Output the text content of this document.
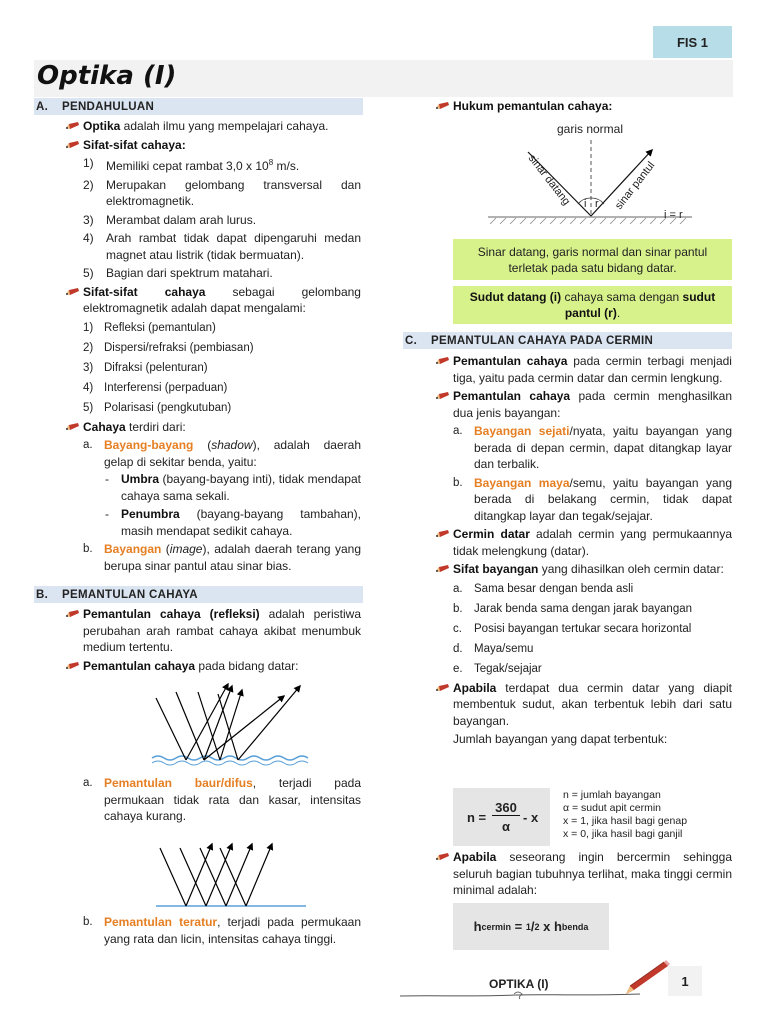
FIS 1
Optika (I)
A.	PENDAHULUAN
Optika adalah ilmu yang mempelajari cahaya.
Sifat-sifat cahaya:
1) Memiliki cepat rambat 3,0 x $10^8$ m/s.
2) Merupakan gelombang transversal dan elektromagnetik.
3) Merambat dalam arah lurus.
4) Arah rambat tidak dapat dipengaruhi medan magnet atau listrik (tidak bermuatan).
5) Bagian dari spektrum matahari.
Sifat-sifat cahaya sebagai gelombang elektromagnetik adalah dapat mengalami:
1) Refleksi (pemantulan)
2) Dispersi/refraksi (pembiasan)
3) Difraksi (pelenturan)
4) Interferensi (perpaduan)
5) Polarisasi (pengkutuban)
Cahaya terdiri dari:
a. Bayang-bayang (shadow), adalah daerah gelap di sekitar benda, yaitu:
- Umbra (bayang-bayang inti), tidak mendapat cahaya sama sekali.
- Penumbra (bayang-bayang tambahan), masih mendapat sedikit cahaya.
b. Bayangan (image), adalah daerah terang yang berupa sinar pantul atau sinar bias.
B.	PEMANTULAN CAHAYA
Pemantulan cahaya (refleksi) adalah peristiwa perubahan arah rambat cahaya akibat menumbuk medium tertentu.
Pemantulan cahaya pada bidang datar:
a. Pemantulan baur/difus, terjadi pada permukaan tidak rata dan kasar, intensitas cahaya kurang.
b. Pemantulan teratur, terjadi pada permukaan yang rata dan licin, intensitas cahaya tinggi.
Hukum pemantulan cahaya:
garis normal
i r
sinar datang	sinar pantul
i = r
Sinar datang, garis normal dan sinar pantul terletak pada satu bidang datar.
Sudut datang (i) cahaya sama dengan sudut pantul (r).
C.	PEMANTULAN CAHAYA PADA CERMIN
Pemantulan cahaya pada cermin terbagi menjadi tiga, yaitu pada cermin datar dan cermin lengkung.
Pemantulan cahaya pada cermin menghasilkan dua jenis bayangan:
a. Bayangan sejati/nyata, yaitu bayangan yang berada di depan cermin, dapat ditangkap layar dan terbalik.
b. Bayangan maya/semu, yaitu bayangan yang berada di belakang cermin, tidak dapat ditangkap layar dan tegak/sejajar.
Cermin datar adalah cermin yang permukaannya tidak melengkung (datar).
Sifat bayangan yang dihasilkan oleh cermin datar:
a. Sama besar dengan benda asli
b. Jarak benda sama dengan jarak bayangan
c. Posisi bayangan tertukar secara horizontal
d. Maya/semu
e. Tegak/sejajar
Apabila terdapat dua cermin datar yang diapit membentuk sudut, akan terbentuk lebih dari satu bayangan.
Jumlah bayangan yang dapat terbentuk:
n =
360
α
- x
n = jumlah bayangan
α = sudut apit cermin
x = 1, jika hasil bagi genap
x = 0, jika hasil bagi ganjil
Apabila seseorang ingin bercermin sehingga seluruh bagian tubuhnya terlihat, maka tinggi cermin minimal adalah:
h cermin = 1 / 2 x h benda
OPTIKA (I)	1
